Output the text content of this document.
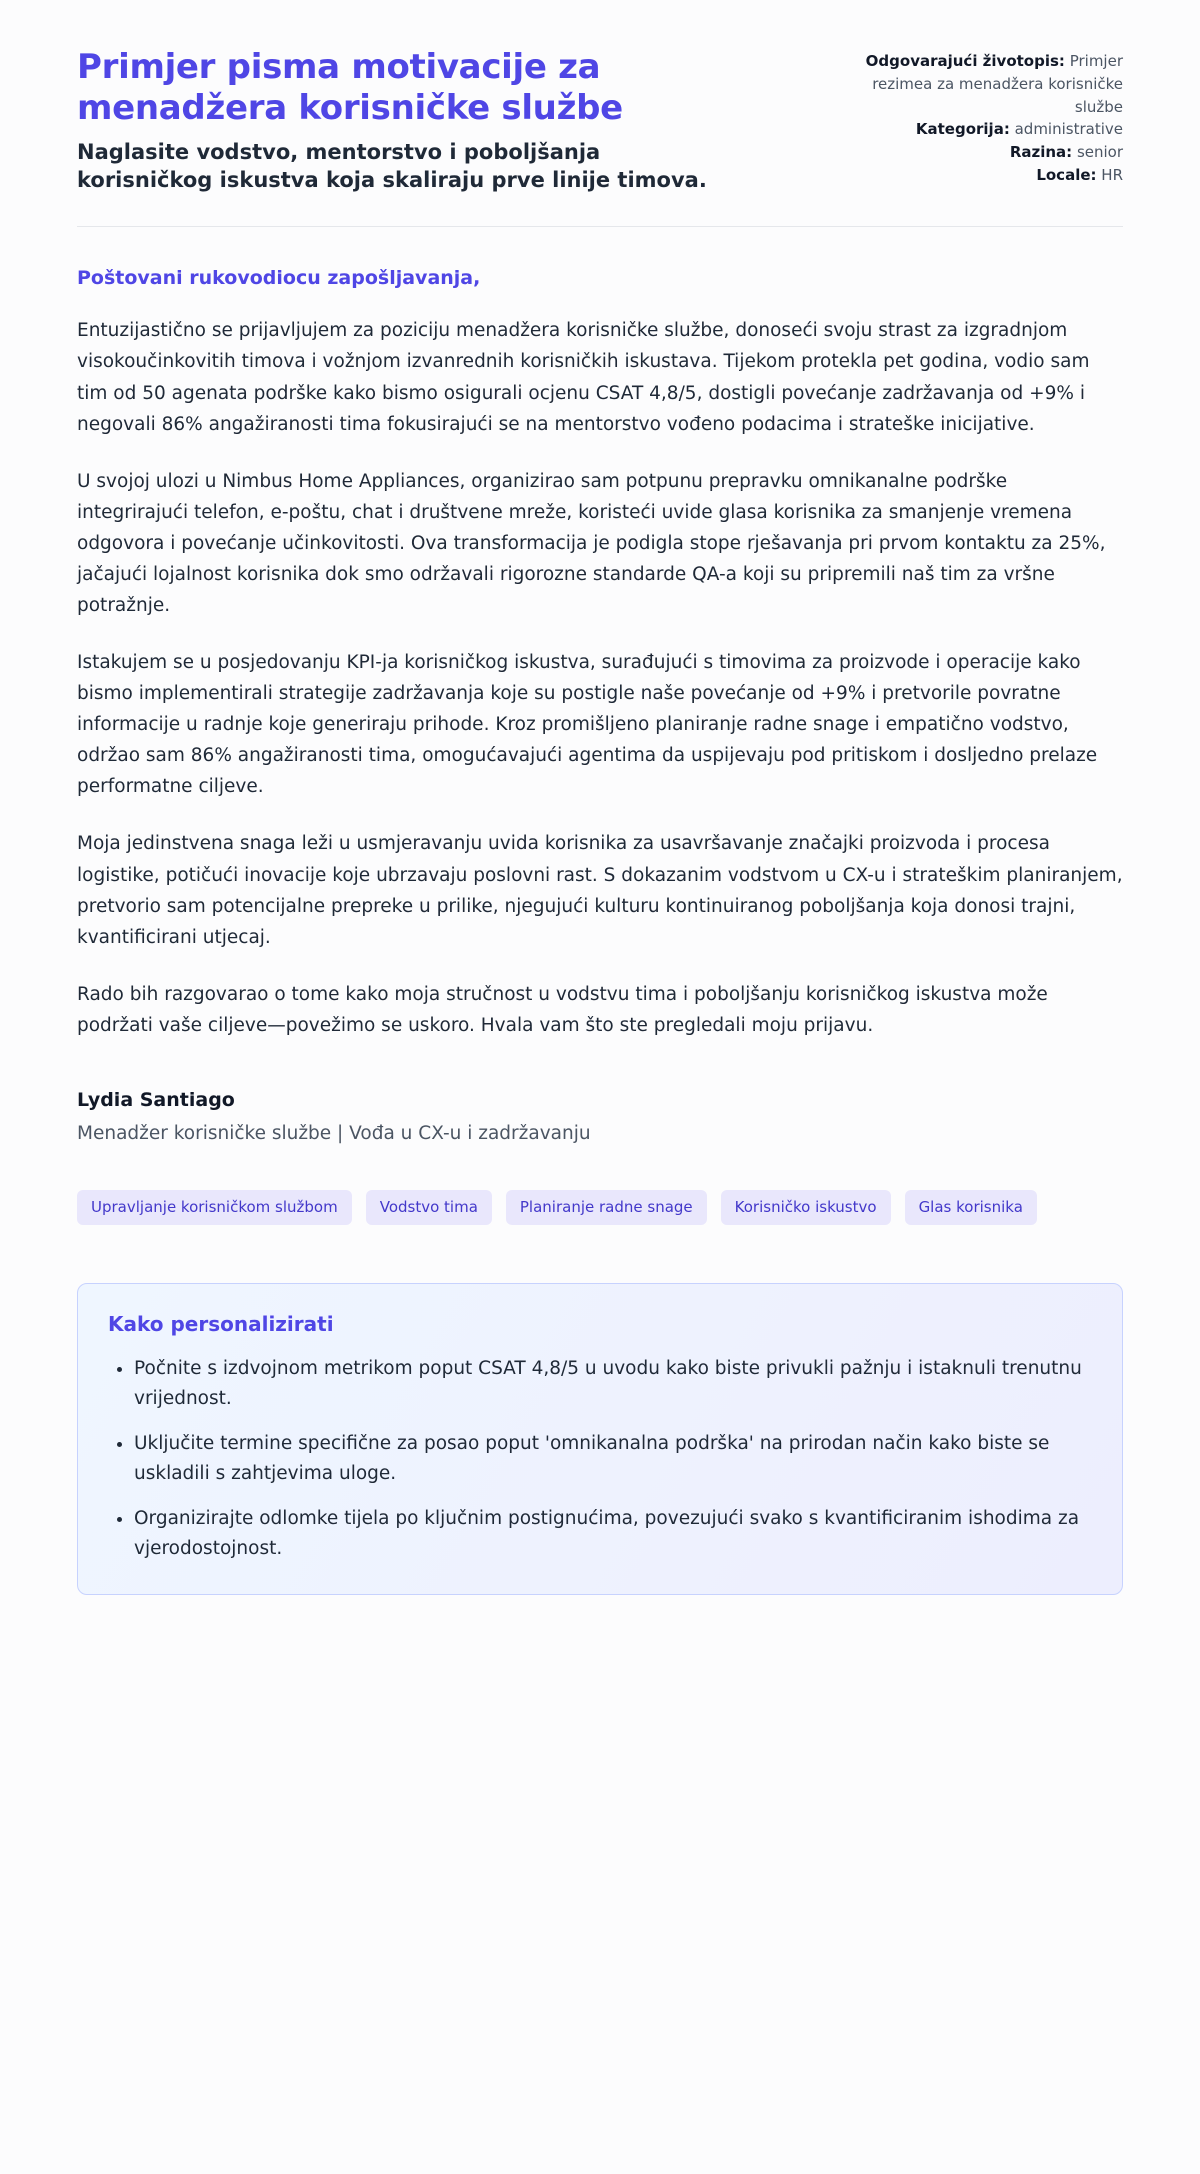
Primjer pisma motivacije za menadžera korisničke službe

Naglasite vodstvo, mentorstvo i poboljšanja korisničkog iskustva koja skaliraju prve linije timova.

Odgovarajući životopis: Primjer rezimea za menadžera korisničke službe
Kategorija: administrative
Razina: senior
Locale: HR

Poštovani rukovodiocu zapošljavanja,

Entuzijastično se prijavljujem za poziciju menadžera korisničke službe, donoseći svoju strast za izgradnjom visokoučinkovitih timova i vožnjom izvanrednih korisničkih iskustava. Tijekom protekla pet godina, vodio sam tim od 50 agenata podrške kako bismo osigurali ocjenu CSAT 4,8/5, dostigli povećanje zadržavanja od +9% i negovali 86% angažiranosti tima fokusirajući se na mentorstvo vođeno podacima i strateške inicijative.

U svojoj ulozi u Nimbus Home Appliances, organizirao sam potpunu prepravku omnikanalne podrške integrirajući telefon, e-poštu, chat i društvene mreže, koristeći uvide glasa korisnika za smanjenje vremena odgovora i povećanje učinkovitosti. Ova transformacija je podigla stope rješavanja pri prvom kontaktu za 25%, jačajući lojalnost korisnika dok smo održavali rigorozne standarde QA-a koji su pripremili naš tim za vršne potražnje.

Istakujem se u posjedovanju KPI-ja korisničkog iskustva, surađujući s timovima za proizvode i operacije kako bismo implementirali strategije zadržavanja koje su postigle naše povećanje od +9% i pretvorile povratne informacije u radnje koje generiraju prihode. Kroz promišljeno planiranje radne snage i empatično vodstvo, održao sam 86% angažiranosti tima, omogućavajući agentima da uspijevaju pod pritiskom i dosljedno prelaze performatne ciljeve.

Moja jedinstvena snaga leži u usmjeravanju uvida korisnika za usavršavanje značajki proizvoda i procesa logistike, potičući inovacije koje ubrzavaju poslovni rast. S dokazanim vodstvom u CX-u i strateškim planiranjem, pretvorio sam potencijalne prepreke u prilike, njegujući kulturu kontinuiranog poboljšanja koja donosi trajni, kvantificirani utjecaj.

Rado bih razgovarao o tome kako moja stručnost u vodstvu tima i poboljšanju korisničkog iskustva može podržati vaše ciljeve—povežimo se uskoro. Hvala vam što ste pregledali moju prijavu.

Lydia Santiago

Menadžer korisničke službe | Vođa u CX-u i zadržavanju

Upravljanje korisničkom službom	Vodstvo tima	Planiranje radne snage	Korisničko iskustvo	Glas korisnika
Kako personalizirati
• Počnite s izdvojnom metrikom poput CSAT 4,8/5 u uvodu kako biste privukli pažnju i istaknuli trenutnu vrijednost.
• Uključite termine specifične za posao poput 'omnikanalna podrška' na prirodan način kako biste se uskladili s zahtjevima uloge.
• Organizirajte odlomke tijela po ključnim postignućima, povezujući svako s kvantificiranim ishodima za vjerodostojnost.
